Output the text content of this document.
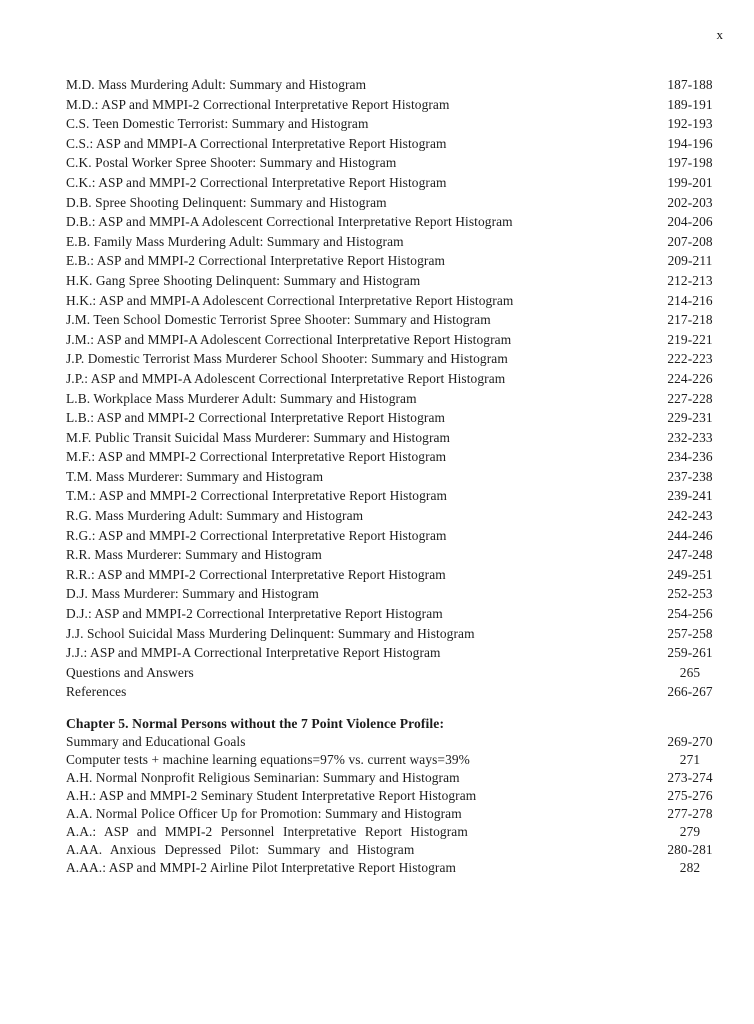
x
M.D. Mass Murdering Adult: Summary and Histogram	187-188
M.D.: ASP and MMPI-2 Correctional Interpretative Report Histogram	189-191
C.S. Teen Domestic Terrorist: Summary and Histogram	192-193
C.S.: ASP and MMPI-A Correctional Interpretative Report Histogram	194-196
C.K. Postal Worker Spree Shooter: Summary and Histogram	197-198
C.K.: ASP and MMPI-2 Correctional Interpretative Report Histogram	199-201
D.B. Spree Shooting Delinquent: Summary and Histogram	202-203
D.B.: ASP and MMPI-A Adolescent Correctional Interpretative Report Histogram	204-206
E.B. Family Mass Murdering Adult: Summary and Histogram	207-208
E.B.: ASP and MMPI-2 Correctional Interpretative Report Histogram	209-211
H.K. Gang Spree Shooting Delinquent: Summary and Histogram	212-213
H.K.: ASP and MMPI-A Adolescent Correctional Interpretative Report Histogram	214-216
J.M. Teen School Domestic Terrorist Spree Shooter: Summary and Histogram	217-218
J.M.: ASP and MMPI-A Adolescent Correctional Interpretative Report Histogram	219-221
J.P. Domestic Terrorist Mass Murderer School Shooter: Summary and Histogram	222-223
J.P.: ASP and MMPI-A Adolescent Correctional Interpretative Report Histogram	224-226
L.B. Workplace Mass Murderer Adult: Summary and Histogram	227-228
L.B.: ASP and MMPI-2 Correctional Interpretative Report Histogram	229-231
M.F. Public Transit Suicidal Mass Murderer: Summary and Histogram	232-233
M.F.: ASP and MMPI-2 Correctional Interpretative Report Histogram	234-236
T.M. Mass Murderer: Summary and Histogram	237-238
T.M.: ASP and MMPI-2 Correctional Interpretative Report Histogram	239-241
R.G. Mass Murdering Adult: Summary and Histogram	242-243
R.G.: ASP and MMPI-2 Correctional Interpretative Report Histogram	244-246
R.R. Mass Murderer: Summary and Histogram	247-248
R.R.: ASP and MMPI-2 Correctional Interpretative Report Histogram	249-251
D.J. Mass Murderer: Summary and Histogram	252-253
D.J.: ASP and MMPI-2 Correctional Interpretative Report Histogram	254-256
J.J. School Suicidal Mass Murdering Delinquent: Summary and Histogram	257-258
J.J.: ASP and MMPI-A Correctional Interpretative Report Histogram	259-261
Questions and Answers	265
References	266-267
Chapter 5. Normal Persons without the 7 Point Violence Profile:
Summary and Educational Goals	269-270
Computer tests + machine learning equations=97% vs. current ways=39%	271
A.H. Normal Nonprofit Religious Seminarian: Summary and Histogram	273-274
A.H.: ASP and MMPI-2 Seminary Student Interpretative Report Histogram	275-276
A.A. Normal Police Officer Up for Promotion: Summary and Histogram	277-278
A.A.: ASP and MMPI-2 Personnel Interpretative Report Histogram	279
A.AA. Anxious Depressed Pilot: Summary and Histogram	280-281
A.AA.: ASP and MMPI-2 Airline Pilot Interpretative Report Histogram	282
